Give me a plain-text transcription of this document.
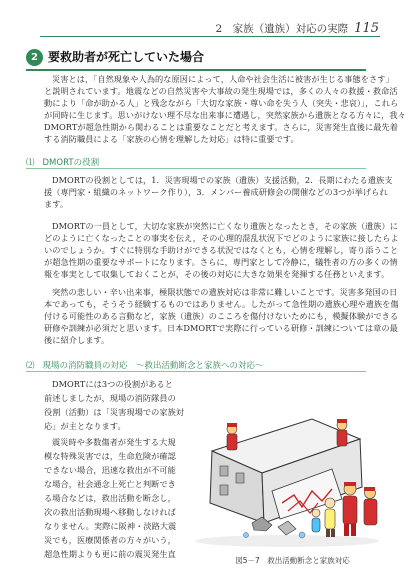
2　家族（遺族）対応の実際 115
2 要救助者が死亡していた場合
災害とは，「自然現象や人為的な原因によって，人命や社会生活に被害が生じる事態をさす」
と説明されています。地震などの自然災害や大事故の発生現場では，多くの人々の救援・救命活
動により「命が助かる人」と残念ながら「大切な家族・尊い命を失う人（突失・悲哀）」，これら
が同時に生じます。思いがけない理不尽な出来事に遭遇し，突然家族から遺族となる方々に，我々
DMORTが超急性期から関わることは重要なことだと考えます。さらに，災害発生直後に最先着
する消防職員による「家族の心情を理解した対応」は特に重要です。
⑴ DMORTの役割
DMORTの役割としては，1．災害現場での家族（遺族）支援活動，2．長期にわたる遺族支
援（専門家・組織のネットワーク作り），3．メンバー養成研修会の開催などの3つが挙げられ
ます。
DMORTの一員として，大切な家族が突然に亡くなり遺族となったとき，その家族（遺族）に
どのように亡くなったことの事実を伝え，その心理的混乱状況下でどのように家族に接したらよ
いのでしょうか。すぐに特別な手助けができる状況ではなくとも，心情を理解し，寄り添うこと
が超急性期の重要なサポートになります。さらに，専門家として冷静に，犠牲者の方の多くの情
報を事実として収集しておくことが，その後の対応に大きな効果を発揮する任務といえます。
突然の悲しい・辛い出来事，極限状態での遺族対応は非常に難しいことです。災害多発国の日
本であっても，そうそう経験するものではありません。したがって急性期の遺族心理や遺族を傷
付ける可能性のある言動など，家族（遺族）のこころを傷付けないためにも，模擬体験ができる
研修や訓練が必須だと思います。日本DMORTで実際に行っている研修・訓練については章の最
後に紹介します。
⑵ 現場の消防職員の対応　〜救出活動断念と家族への対応〜
DMORTには3つの役割があると
前述しましたが，現場の消防隊員の
役割（活動）は「災害現場での家族対
応」が主となります。
震災時や多数傷者が発生する大規
模な特殊災害では，生命危険が確認
できない場合，迅速な救出が不可能
な場合，社会通念上死亡と判断でき
る場合などは，救出活動を断念し，
次の救出活動現場へ移動しなければ
なりません。実際に阪神・淡路大震
災でも，医療関係者の方々がいう，
超急性期よりも更に前の震災発生直
図5－7　救出活動断念と家族対応
